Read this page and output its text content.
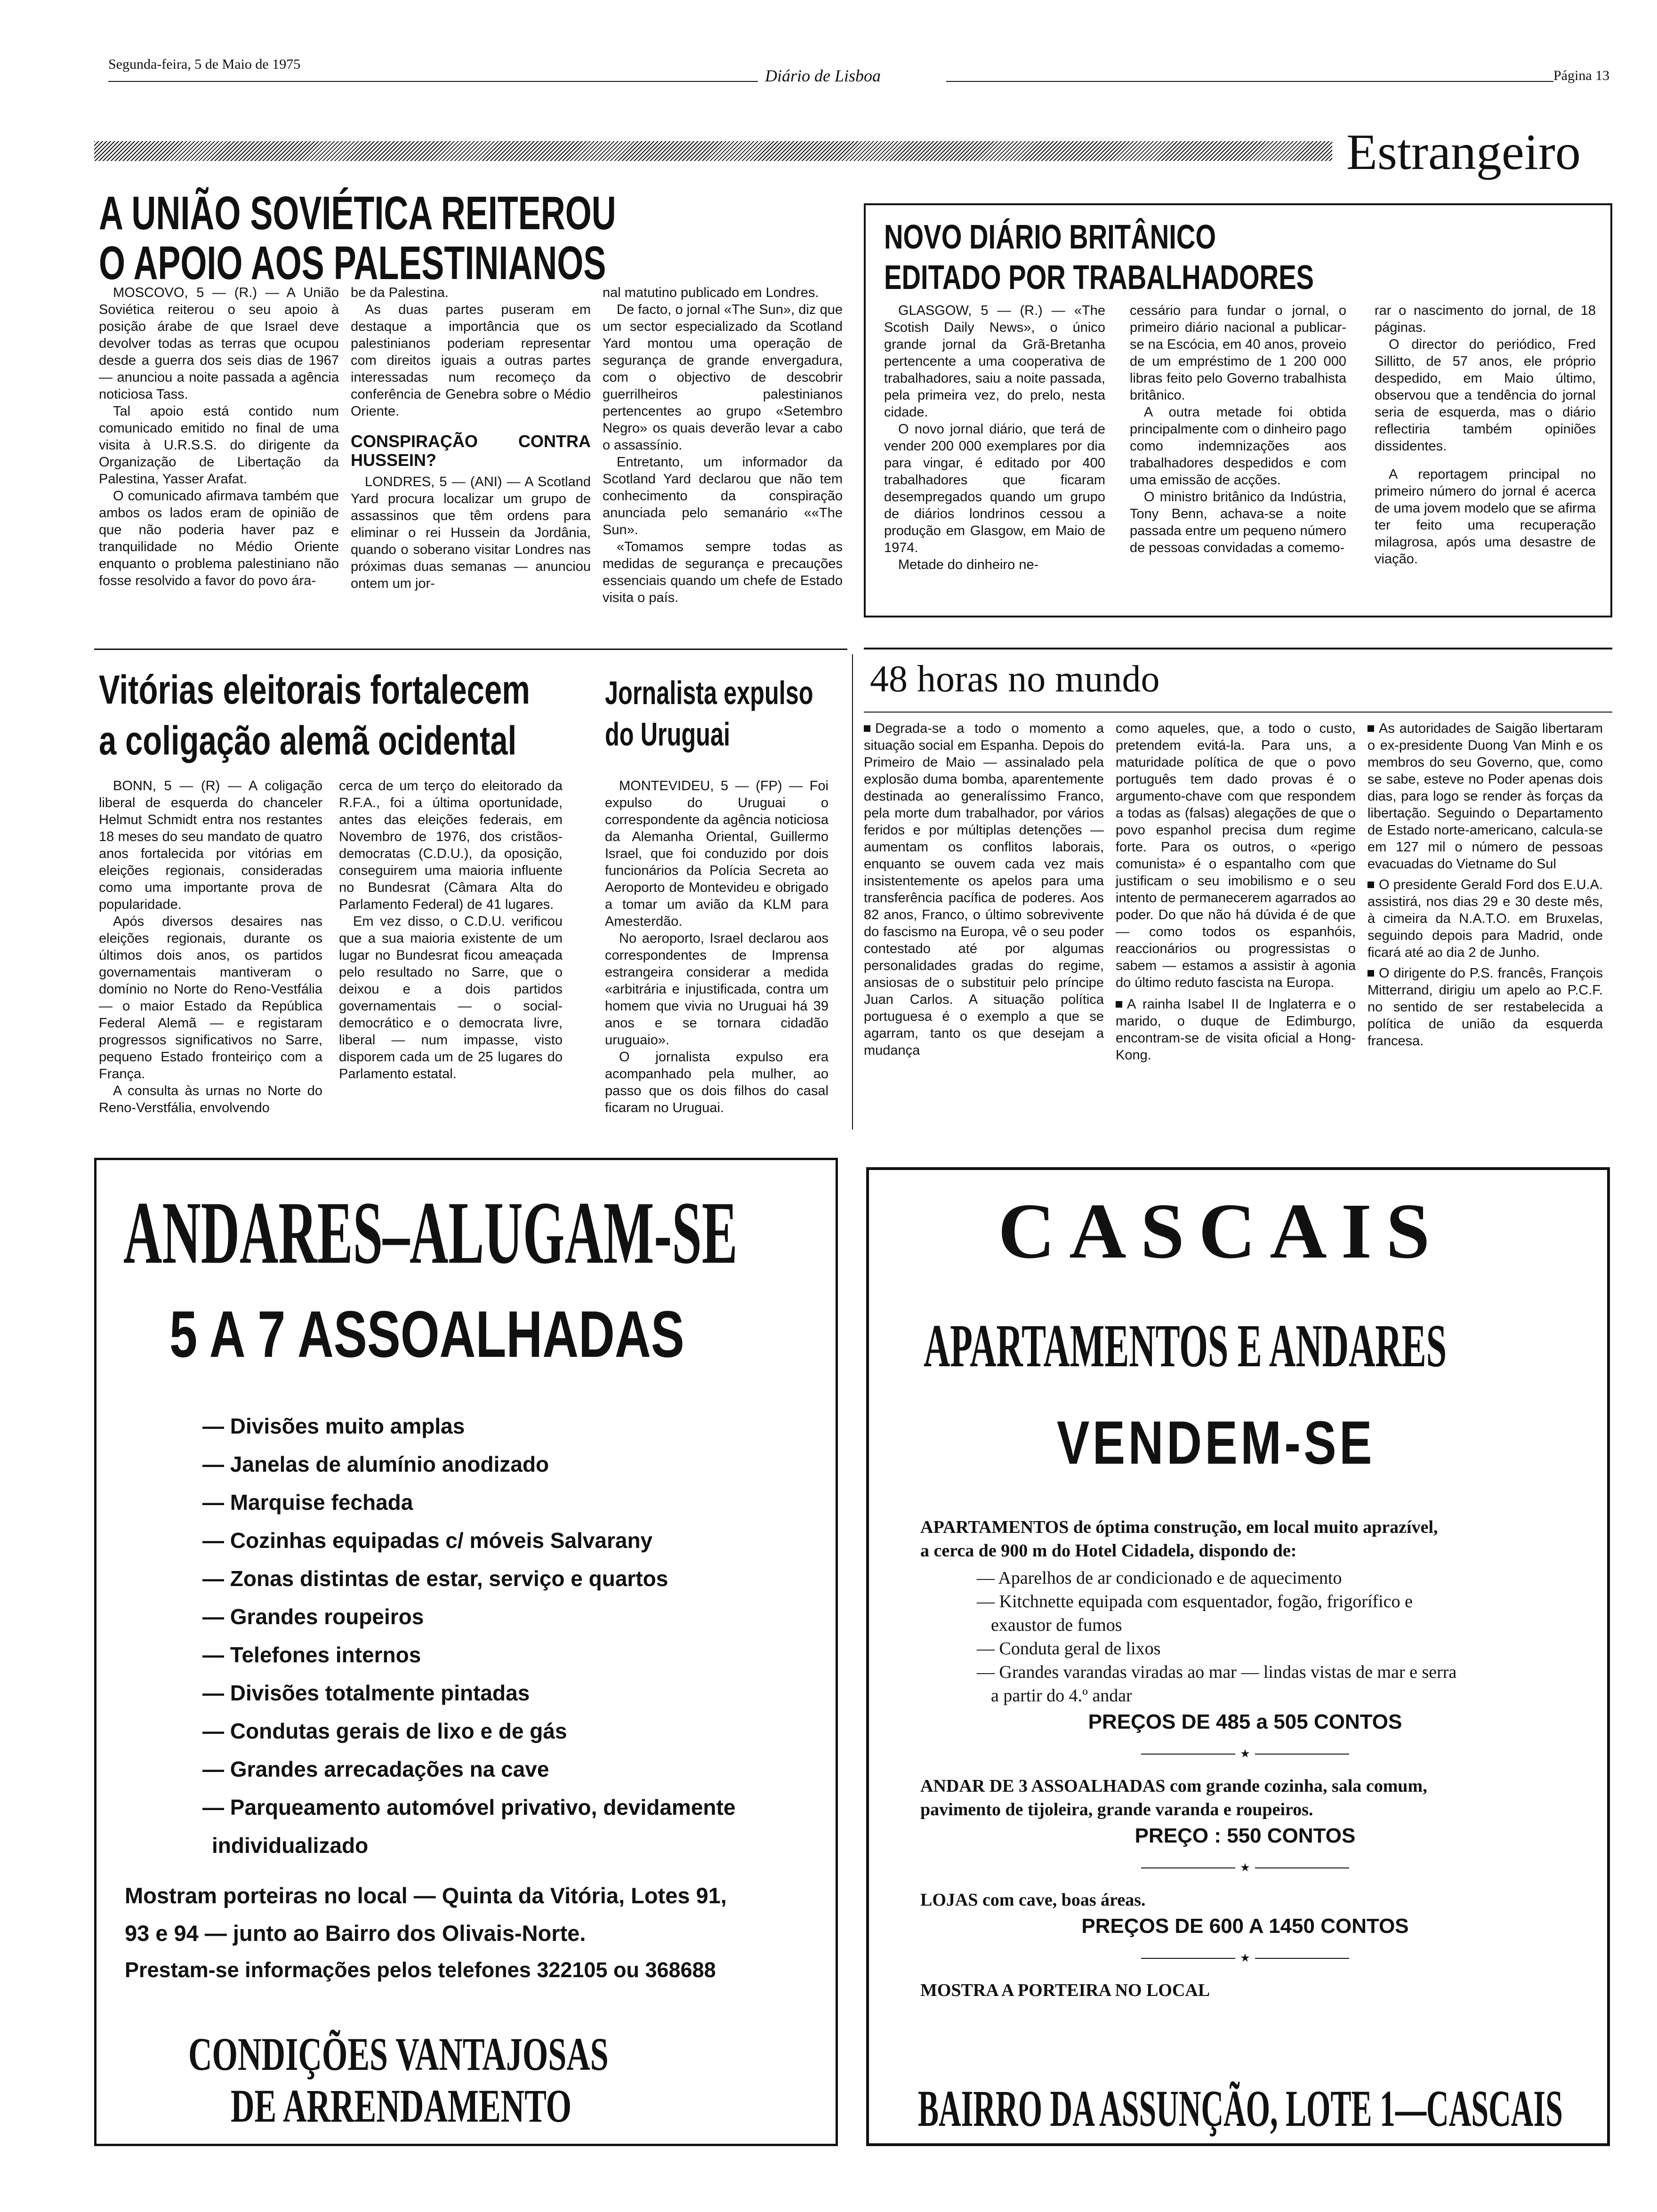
Segunda-feira, 5 de Maio de 1975
Diário de Lisboa	Página 13
Estrangeiro
A UNIÃO SOVIÉTICA REITEROU
O APOIO AOS PALESTINIANOS

MOSCOVO, 5 — (R.) — A União Soviética reiterou o seu apoio à posição árabe de que Israel deve devolver todas as terras que ocupou desde a guerra dos seis dias de 1967 — anunciou a noite passada a agência noticiosa Tass.

Tal apoio está contido num comunicado emitido no final de uma visita à U.R.S.S. do dirigente da Organização de Libertação da Palestina, Yasser Arafat.

O comunicado afirmava também que ambos os lados eram de opinião de que não poderia haver paz e tranquilidade no Médio Oriente enquanto o problema palestiniano não fosse resolvido a favor do povo ára-

be da Palestina.

As duas partes puseram em destaque a importância que os palestinianos poderiam representar com direitos iguais a outras partes interessadas num recomeço da conferência de Genebra sobre o Médio Oriente.

CONSPIRAÇÃO CONTRA HUSSEIN?

LONDRES, 5 — (ANI) — A Scotland Yard procura localizar um grupo de assassinos que têm ordens para eliminar o rei Hussein da Jordânia, quando o soberano visitar Londres nas próximas duas semanas — anunciou ontem um jor-

nal matutino publicado em Londres.

De facto, o jornal «The Sun», diz que um sector especializado da Scotland Yard montou uma operação de segurança de grande envergadura, com o objectivo de descobrir guerrilheiros palestinianos pertencentes ao grupo «Setembro Negro» os quais deverão levar a cabo o assassínio.

Entretanto, um informador da Scotland Yard declarou que não tem conhecimento da conspiração anunciada pelo semanário ««The Sun».

«Tomamos sempre todas as medidas de segurança e precauções essenciais quando um chefe de Estado visita o país.

NOVO DIÁRIO BRITÂNICO
EDITADO POR TRABALHADORES

GLASGOW, 5 — (R.) — «The Scotish Daily News», o único grande jornal da Grã-Bretanha pertencente a uma cooperativa de trabalhadores, saiu a noite passada, pela primeira vez, do prelo, nesta cidade.

O novo jornal diário, que terá de vender 200 000 exemplares por dia para vingar, é editado por 400 trabalhadores que ficaram desempregados quando um grupo de diários londrinos cessou a produção em Glasgow, em Maio de 1974.

Metade do dinheiro ne-

cessário para fundar o jornal, o primeiro diário nacional a publicar-se na Escócia, em 40 anos, proveio de um empréstimo de 1 200 000 libras feito pelo Governo trabalhista britânico.

A outra metade foi obtida principalmente com o dinheiro pago como indemnizações aos trabalhadores despedidos e com uma emissão de acções.

O ministro britânico da Indústria, Tony Benn, achava-se a noite passada entre um pequeno número de pessoas convidadas a comemo-

rar o nascimento do jornal, de 18 páginas.

O director do periódico, Fred Sillitto, de 57 anos, ele próprio despedido, em Maio último, observou que a tendência do jornal seria de esquerda, mas o diário reflectiria também opiniões dissidentes.

A reportagem principal no primeiro número do jornal é acerca de uma jovem modelo que se afirma ter feito uma recuperação milagrosa, após uma desastre de viação.

Vitórias eleitorais fortalecem
a coligação alemã ocidental

BONN, 5 — (R) — A coligação liberal de esquerda do chanceler Helmut Schmidt entra nos restantes 18 meses do seu mandato de quatro anos fortalecida por vitórias em eleições regionais, consideradas como uma importante prova de popularidade.

Após diversos desaires nas eleições regionais, durante os últimos dois anos, os partidos governamentais mantiveram o domínio no Norte do Reno-Vestfália — o maior Estado da República Federal Alemã — e registaram progressos significativos no Sarre, pequeno Estado fronteiriço com a França.

A consulta às urnas no Norte do Reno-Verstfália, envolvendo

cerca de um terço do eleitorado da R.F.A., foi a última oportunidade, antes das eleições federais, em Novembro de 1976, dos cristãos-democratas (C.D.U.), da oposição, conseguirem uma maioria influente no Bundesrat (Câmara Alta do Parlamento Federal) de 41 lugares.

Em vez disso, o C.D.U. verificou que a sua maioria existente de um lugar no Bundesrat ficou ameaçada pelo resultado no Sarre, que o deixou e a dois partidos governamentais — o social-democrático e o democrata livre, liberal — num impasse, visto disporem cada um de 25 lugares do Parlamento estatal.

Jornalista expulso
do Uruguai

MONTEVIDEU, 5 — (FP) — Foi expulso do Uruguai o correspondente da agência noticiosa da Alemanha Oriental, Guillermo Israel, que foi conduzido por dois funcionários da Polícia Secreta ao Aeroporto de Montevideu e obrigado a tomar um avião da KLM para Amesterdão.

No aeroporto, Israel declarou aos correspondentes de Imprensa estrangeira considerar a medida «arbitrária e injustificada, contra um homem que vivia no Uruguai há 39 anos e se tornara cidadão uruguaio».

O jornalista expulso era acompanhado pela mulher, ao passo que os dois filhos do casal ficaram no Uruguai.

48 horas no mundo

Degrada-se a todo o momento a situação social em Espanha. Depois do Primeiro de Maio — assinalado pela explosão duma bomba, aparentemente destinada ao generalíssimo Franco, pela morte dum trabalhador, por vários feridos e por múltiplas detenções — aumentam os conflitos laborais, enquanto se ouvem cada vez mais insistentemente os apelos para uma transferência pacífica de poderes. Aos 82 anos, Franco, o último sobrevivente do fascismo na Europa, vê o seu poder contestado até por algumas personalidades gradas do regime, ansiosas de o substituir pelo príncipe Juan Carlos. A situação política portuguesa é o exemplo a que se agarram, tanto os que desejam a mudança

como aqueles, que, a todo o custo, pretendem evitá-la. Para uns, a maturidade política de que o povo português tem dado provas é o argumento-chave com que respondem a todas as (falsas) alegações de que o povo espanhol precisa dum regime forte. Para os outros, o «perigo comunista» é o espantalho com que justificam o seu imobilismo e o seu intento de permanecerem agarrados ao poder. Do que não há dúvida é de que — como todos os espanhóis, reaccionários ou progressistas o sabem — estamos a assistir à agonia do último reduto fascista na Europa.

A rainha Isabel II de Inglaterra e o marido, o duque de Edimburgo, encontram-se de visita oficial a Hong-Kong.

As autoridades de Saigão libertaram o ex-presidente Duong Van Minh e os membros do seu Governo, que, como se sabe, esteve no Poder apenas dois dias, para logo se render às forças da libertação. Seguindo o Departamento de Estado norte-americano, calcula-se em 127 mil o número de pessoas evacuadas do Vietname do Sul

O presidente Gerald Ford dos E.U.A. assistirá, nos dias 29 e 30 deste mês, à cimeira da N.A.T.O. em Bruxelas, seguindo depois para Madrid, onde ficará até ao dia 2 de Junho.

O dirigente do P.S. francês, François Mitterrand, dirigiu um apelo ao P.C.F. no sentido de ser restabelecida a política de união da esquerda francesa.

ANDARES–ALUGAM-SE
5 A 7 ASSOALHADAS
— Divisões muito amplas
— Janelas de alumínio anodizado
— Marquise fechada
— Cozinhas equipadas c/ móveis Salvarany
— Zonas distintas de estar, serviço e quartos
— Grandes roupeiros
— Telefones internos
— Divisões totalmente pintadas
— Condutas gerais de lixo e de gás
— Grandes arrecadações na cave
— Parqueamento automóvel privativo, devidamente
individualizado
Mostram porteiras no local — Quinta da Vitória, Lotes 91,
93 e 94 — junto ao Bairro dos Olivais-Norte.
Prestam-se informações pelos telefones 322105 ou 368688
CONDIÇÕES VANTAJOSAS
DE ARRENDAMENTO
CASCAIS
APARTAMENTOS E ANDARES
VENDEM-SE
APARTAMENTOS de óptima construção, em local muito aprazível,
a cerca de 900 m do Hotel Cidadela, dispondo de:
— Aparelhos de ar condicionado e de aquecimento
— Kitchnette equipada com esquentador, fogão, frigorífico e
exaustor de fumos
— Conduta geral de lixos
— Grandes varandas viradas ao mar — lindas vistas de mar e serra
a partir do 4.º andar
PREÇOS DE 485 a 505 CONTOS
★
ANDAR DE 3 ASSOALHADAS com grande cozinha, sala comum,
pavimento de tijoleira, grande varanda e roupeiros.
PREÇO : 550 CONTOS
★
LOJAS com cave, boas áreas.
PREÇOS DE 600 A 1450 CONTOS
★
MOSTRA A PORTEIRA NO LOCAL
BAIRRO DA ASSUNÇÃO, LOTE 1—CASCAIS
